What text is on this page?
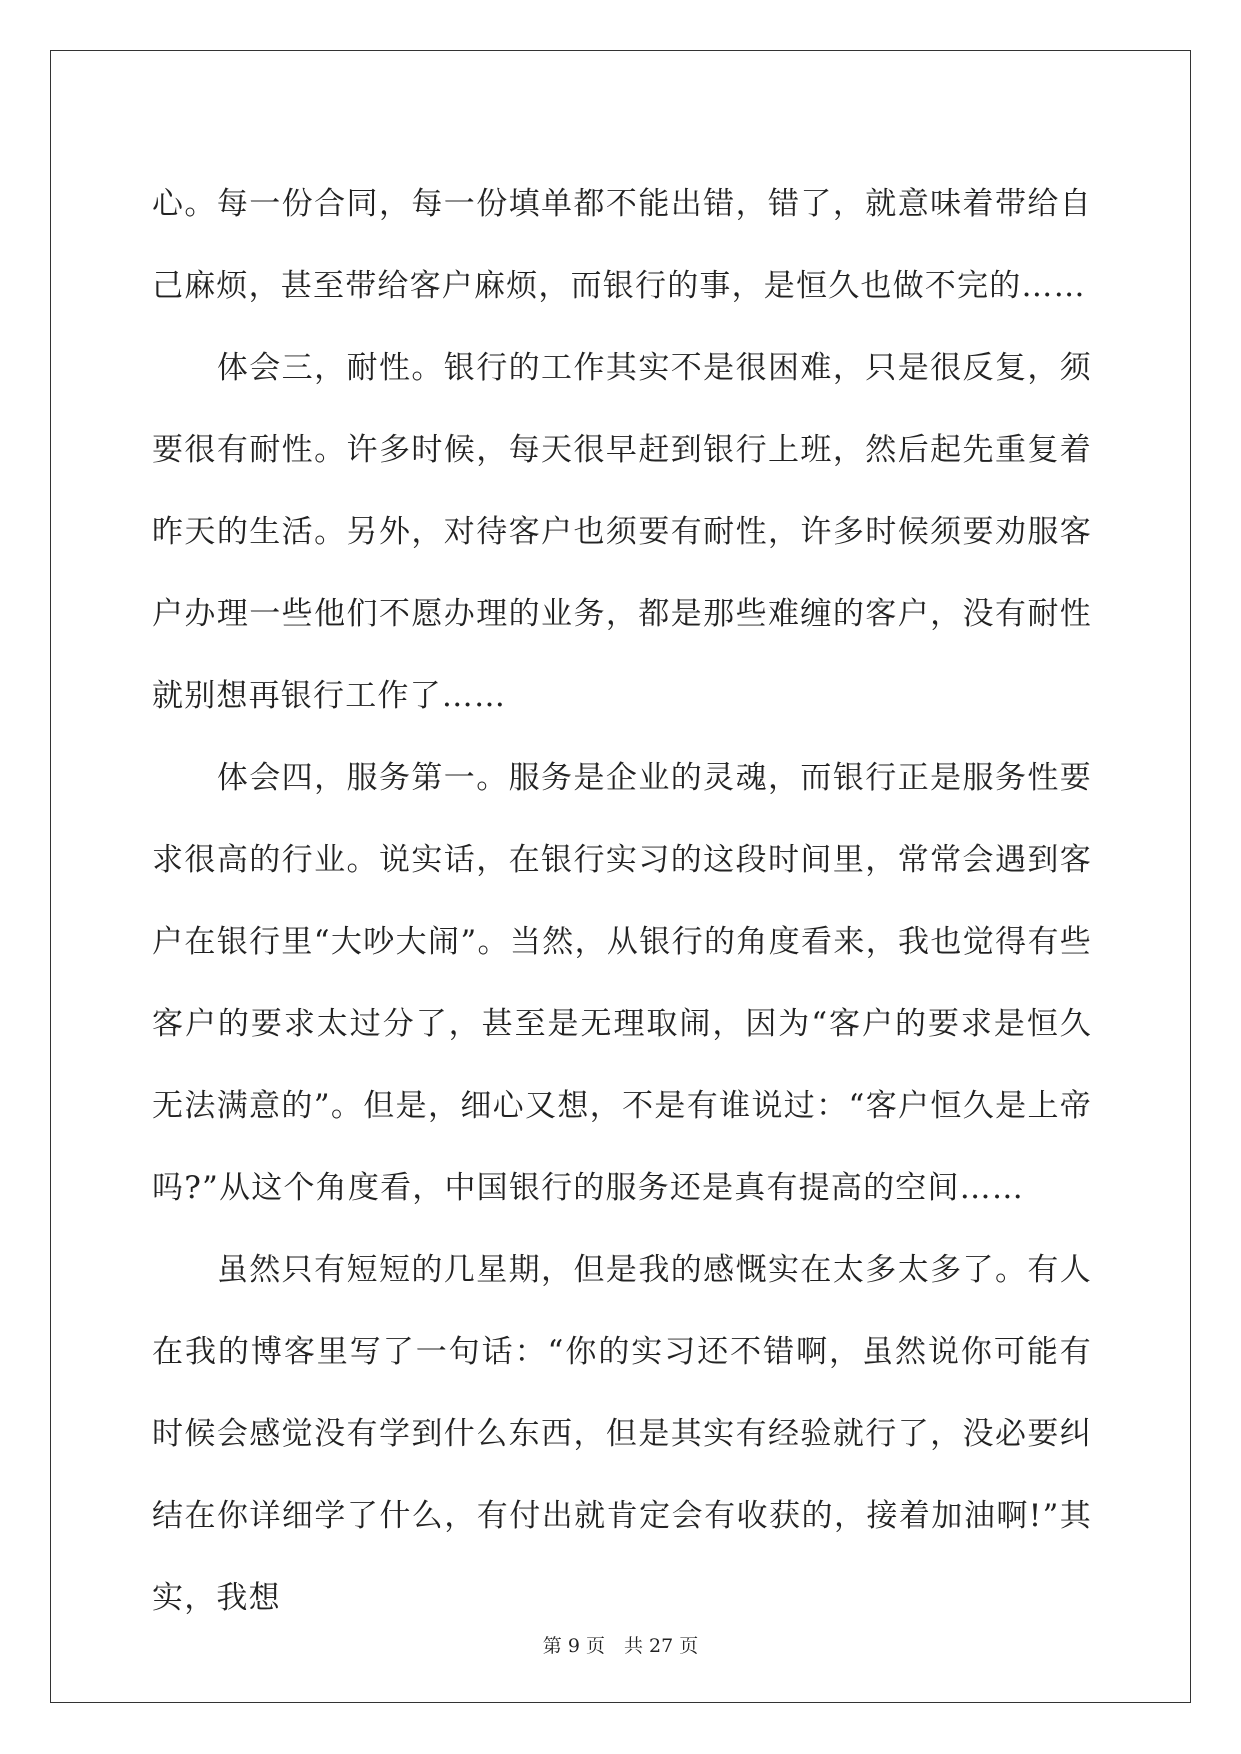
心。每一份合同，每一份填单都不能出错，错了，就意味着带给自己麻烦，甚至带给客户麻烦，而银行的事，是恒久也做不完的……

　　体会三，耐性。银行的工作其实不是很困难，只是很反复，须要很有耐性。许多时候，每天很早赶到银行上班，然后起先重复着昨天的生活。另外，对待客户也须要有耐性，许多时候须要劝服客户办理一些他们不愿办理的业务，都是那些难缠的客户，没有耐性就别想再银行工作了……

　　体会四，服务第一。服务是企业的灵魂，而银行正是服务性要求很高的行业。说实话，在银行实习的这段时间里，常常会遇到客户在银行里“大吵大闹”。当然，从银行的角度看来，我也觉得有些客户的要求太过分了，甚至是无理取闹，因为“客户的要求是恒久无法满意的”。但是，细心又想，不是有谁说过：“客户恒久是上帝吗?”从这个角度看，中国银行的服务还是真有提高的空间……

　　虽然只有短短的几星期，但是我的感慨实在太多太多了。有人在我的博客里写了一句话：“你的实习还不错啊，虽然说你可能有时候会感觉没有学到什么东西，但是其实有经验就行了，没必要纠结在你详细学了什么，有付出就肯定会有收获的，接着加油啊!”其实，我想

第 9 页　共 27 页
